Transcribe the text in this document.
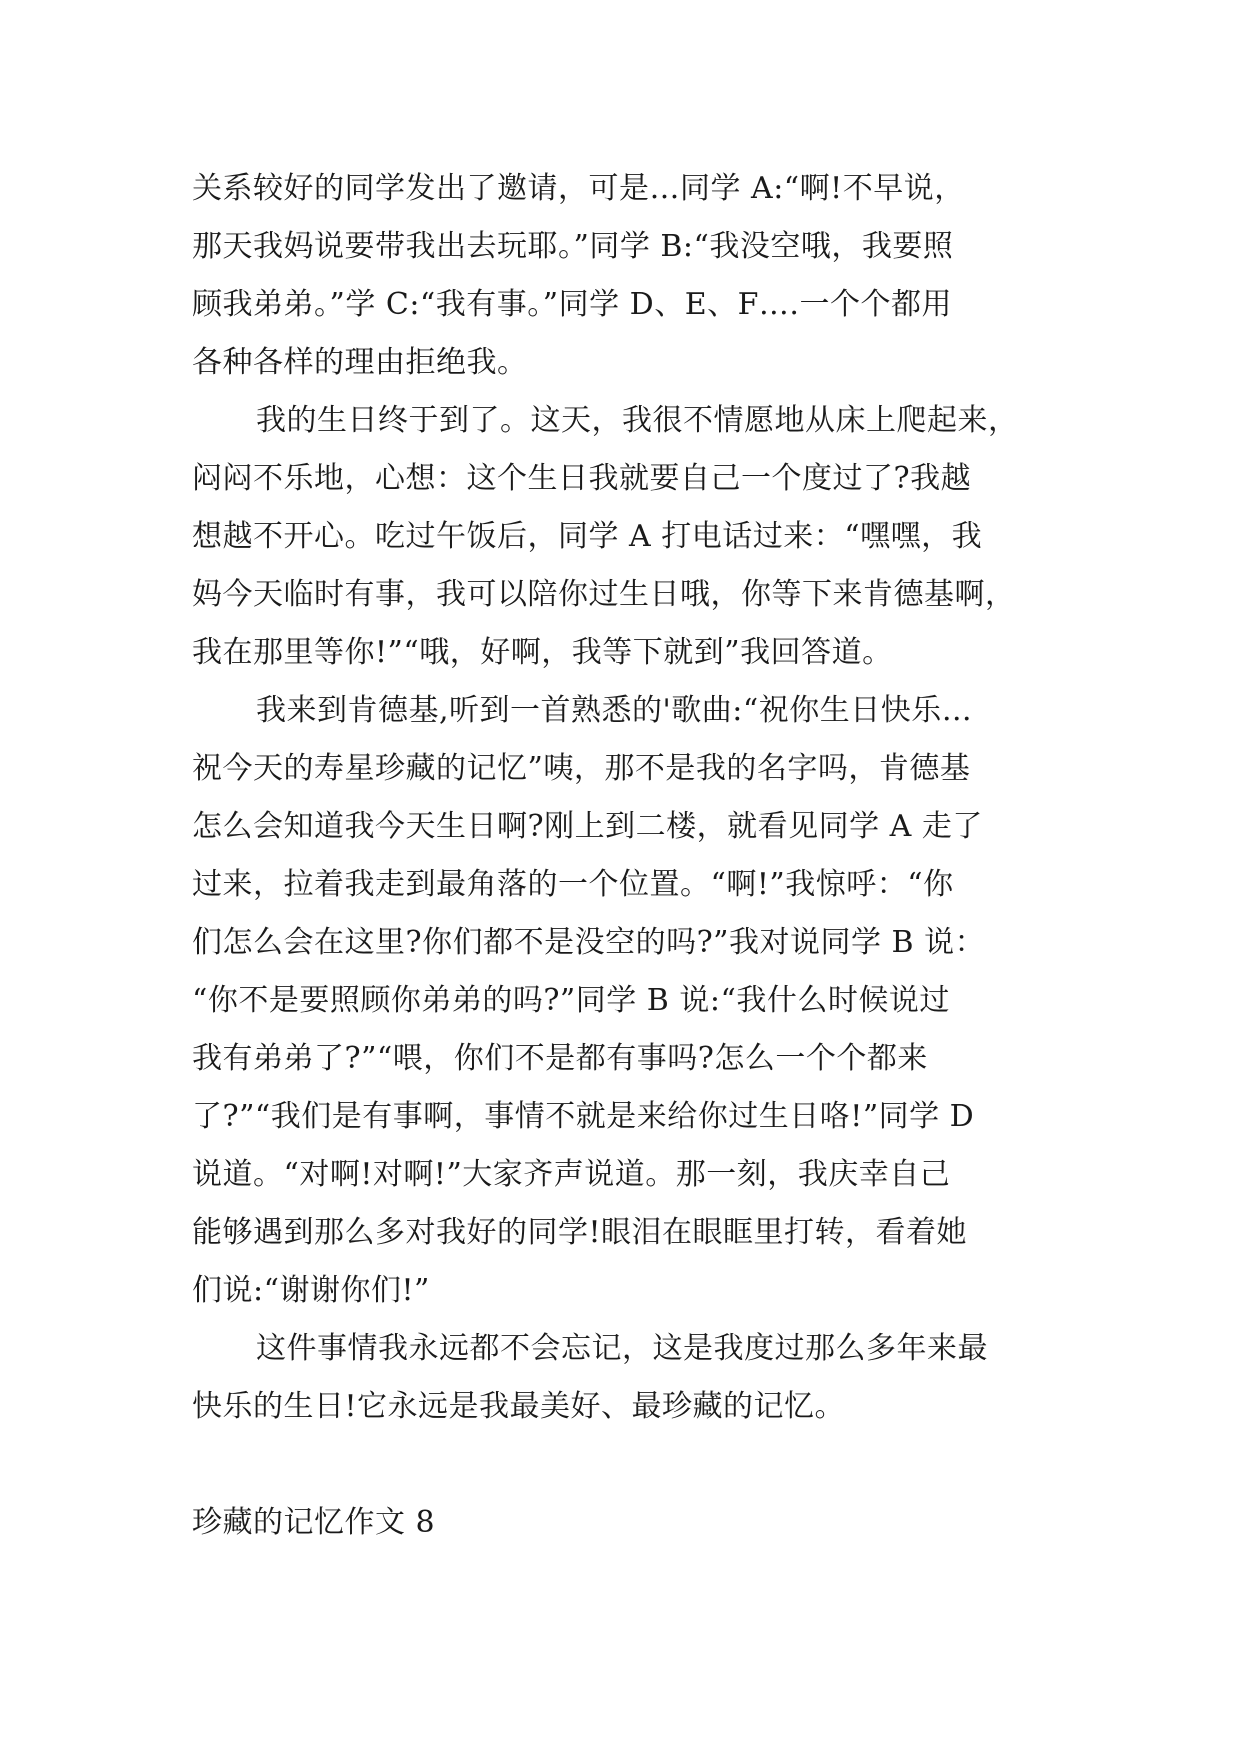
关系较好的同学发出了邀请，可是…同学 A:“啊!不早说，
那天我妈说要带我出去玩耶。”同学 B:“我没空哦，我要照
顾我弟弟。”学 C:“我有事。”同学 D、E、F….一个个都用
各种各样的理由拒绝我。
我的生日终于到了。这天，我很不情愿地从床上爬起来，
闷闷不乐地，心想：这个生日我就要自己一个度过了?我越
想越不开心。吃过午饭后，同学 A 打电话过来：“嘿嘿，我
妈今天临时有事，我可以陪你过生日哦，你等下来肯德基啊，
我在那里等你!”“哦，好啊，我等下就到”我回答道。
我来到肯德基,听到一首熟悉的'歌曲:“祝你生日快乐…
祝今天的寿星珍藏的记忆”咦，那不是我的名字吗，肯德基
怎么会知道我今天生日啊?刚上到二楼，就看见同学 A 走了
过来，拉着我走到最角落的一个位置。“啊!”我惊呼：“你
们怎么会在这里?你们都不是没空的吗?”我对说同学 B 说：
“你不是要照顾你弟弟的吗?”同学 B 说:“我什么时候说过
我有弟弟了?”“喂，你们不是都有事吗?怎么一个个都来
了?”“我们是有事啊，事情不就是来给你过生日咯!”同学 D
说道。“对啊!对啊!”大家齐声说道。那一刻，我庆幸自己
能够遇到那么多对我好的同学!眼泪在眼眶里打转，看着她
们说:“谢谢你们!”
这件事情我永远都不会忘记，这是我度过那么多年来最
快乐的生日!它永远是我最美好、最珍藏的记忆。
珍藏的记忆作文 8
